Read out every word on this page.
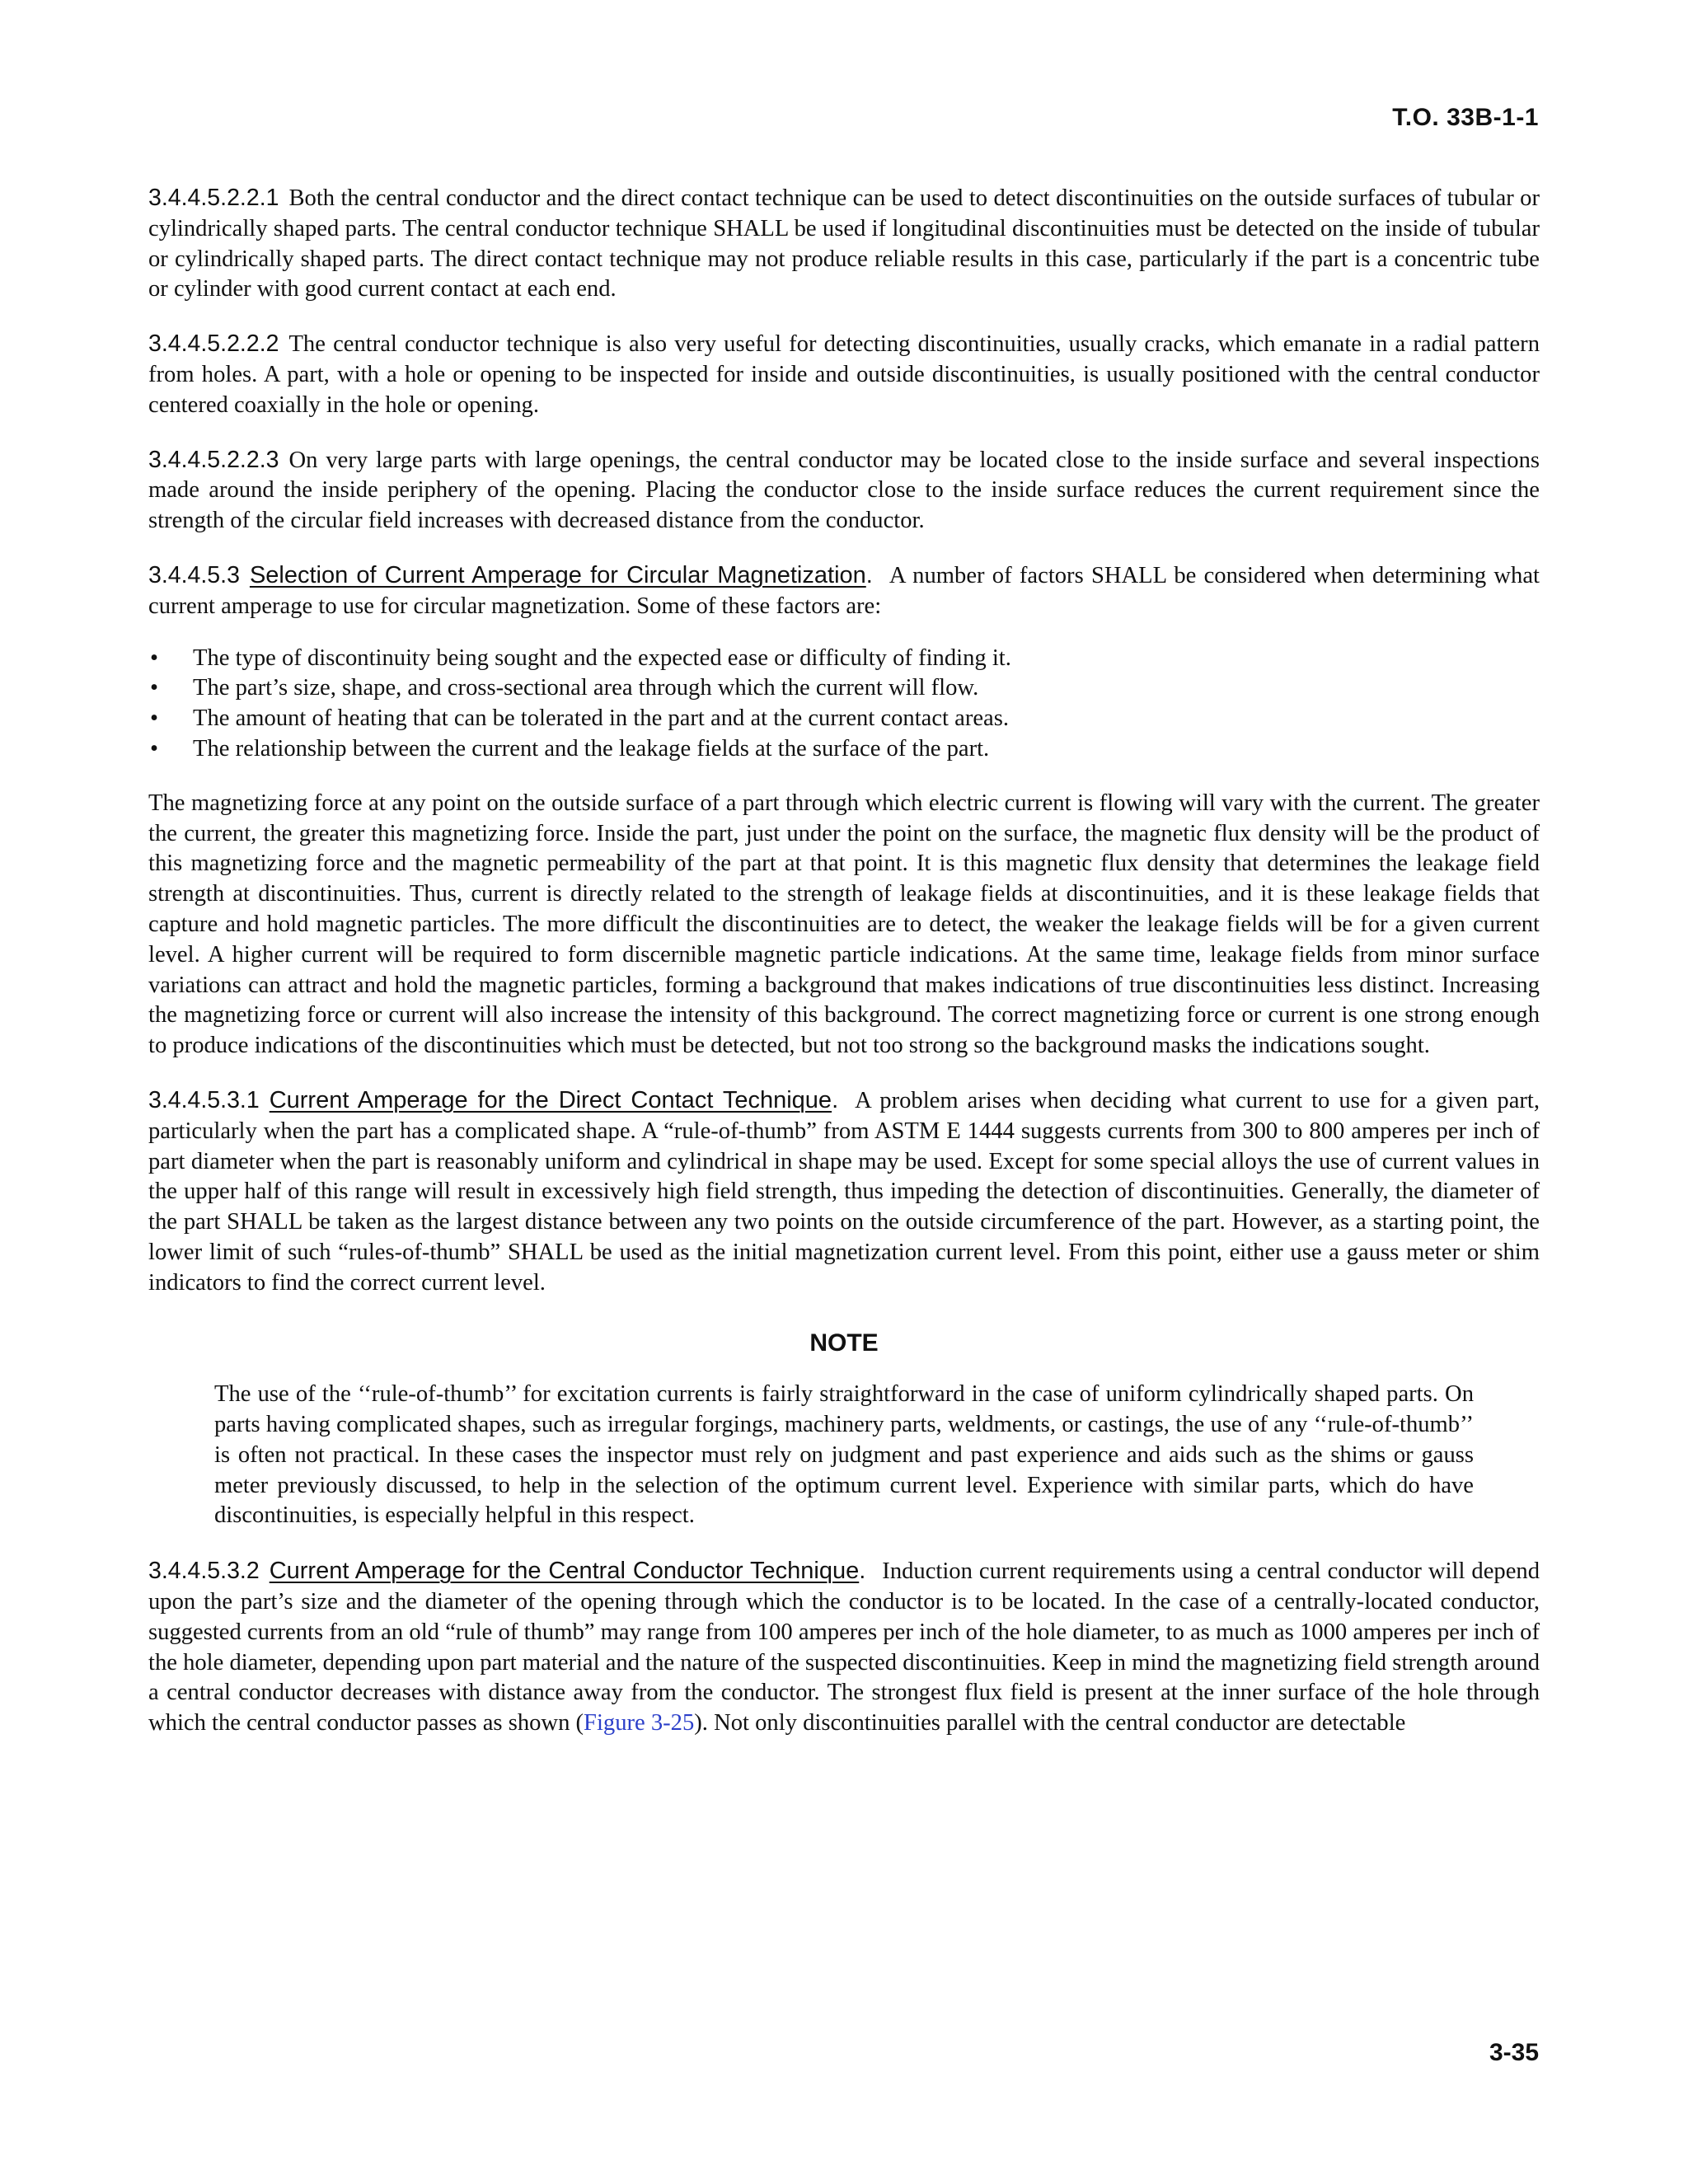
T.O. 33B-1-1

3.4.4.5.2.2.1 Both the central conductor and the direct contact technique can be used to detect discontinuities on the outside surfaces of tubular or cylindrically shaped parts. The central conductor technique SHALL be used if longitudinal discontinuities must be detected on the inside of tubular or cylindrically shaped parts. The direct contact technique may not produce reliable results in this case, particularly if the part is a concentric tube or cylinder with good current contact at each end.

3.4.4.5.2.2.2 The central conductor technique is also very useful for detecting discontinuities, usually cracks, which emanate in a radial pattern from holes. A part, with a hole or opening to be inspected for inside and outside discontinuities, is usually positioned with the central conductor centered coaxially in the hole or opening.

3.4.4.5.2.2.3 On very large parts with large openings, the central conductor may be located close to the inside surface and several inspections made around the inside periphery of the opening. Placing the conductor close to the inside surface reduces the current requirement since the strength of the circular field increases with decreased distance from the conductor.

3.4.4.5.3 Selection of Current Amperage for Circular Magnetization. A number of factors SHALL be considered when determining what current amperage to use for circular magnetization. Some of these factors are:

• The type of discontinuity being sought and the expected ease or difficulty of finding it.
• The part’s size, shape, and cross-sectional area through which the current will flow.
• The amount of heating that can be tolerated in the part and at the current contact areas.
• The relationship between the current and the leakage fields at the surface of the part.

The magnetizing force at any point on the outside surface of a part through which electric current is flowing will vary with the current. The greater the current, the greater this magnetizing force. Inside the part, just under the point on the surface, the magnetic flux density will be the product of this magnetizing force and the magnetic permeability of the part at that point. It is this magnetic flux density that determines the leakage field strength at discontinuities. Thus, current is directly related to the strength of leakage fields at discontinuities, and it is these leakage fields that capture and hold magnetic particles. The more difficult the discontinuities are to detect, the weaker the leakage fields will be for a given current level. A higher current will be required to form discernible magnetic particle indications. At the same time, leakage fields from minor surface variations can attract and hold the magnetic particles, forming a background that makes indications of true discontinuities less distinct. Increasing the magnetizing force or current will also increase the intensity of this background. The correct magnetizing force or current is one strong enough to produce indications of the discontinuities which must be detected, but not too strong so the background masks the indications sought.

3.4.4.5.3.1 Current Amperage for the Direct Contact Technique. A problem arises when deciding what current to use for a given part, particularly when the part has a complicated shape. A “rule-of-thumb” from ASTM E 1444 suggests currents from 300 to 800 amperes per inch of part diameter when the part is reasonably uniform and cylindrical in shape may be used. Except for some special alloys the use of current values in the upper half of this range will result in excessively high field strength, thus impeding the detection of discontinuities. Generally, the diameter of the part SHALL be taken as the largest distance between any two points on the outside circumference of the part. However, as a starting point, the lower limit of such “rules-of-thumb” SHALL be used as the initial magnetization current level. From this point, either use a gauss meter or shim indicators to find the correct current level.

NOTE

The use of the ‘‘rule-of-thumb’’ for excitation currents is fairly straightforward in the case of uniform cylindrically shaped parts. On parts having complicated shapes, such as irregular forgings, machinery parts, weldments, or castings, the use of any ‘‘rule-of-thumb’’ is often not practical. In these cases the inspector must rely on judgment and past experience and aids such as the shims or gauss meter previously discussed, to help in the selection of the optimum current level. Experience with similar parts, which do have discontinuities, is especially helpful in this respect.

3.4.4.5.3.2 Current Amperage for the Central Conductor Technique. Induction current requirements using a central conductor will depend upon the part’s size and the diameter of the opening through which the conductor is to be located. In the case of a centrally-located conductor, suggested currents from an old “rule of thumb” may range from 100 amperes per inch of the hole diameter, to as much as 1000 amperes per inch of the hole diameter, depending upon part material and the nature of the suspected discontinuities. Keep in mind the magnetizing field strength around a central conductor decreases with distance away from the conductor. The strongest flux field is present at the inner surface of the hole through which the central conductor passes as shown (Figure 3-25). Not only discontinuities parallel with the central conductor are detectable

3-35
